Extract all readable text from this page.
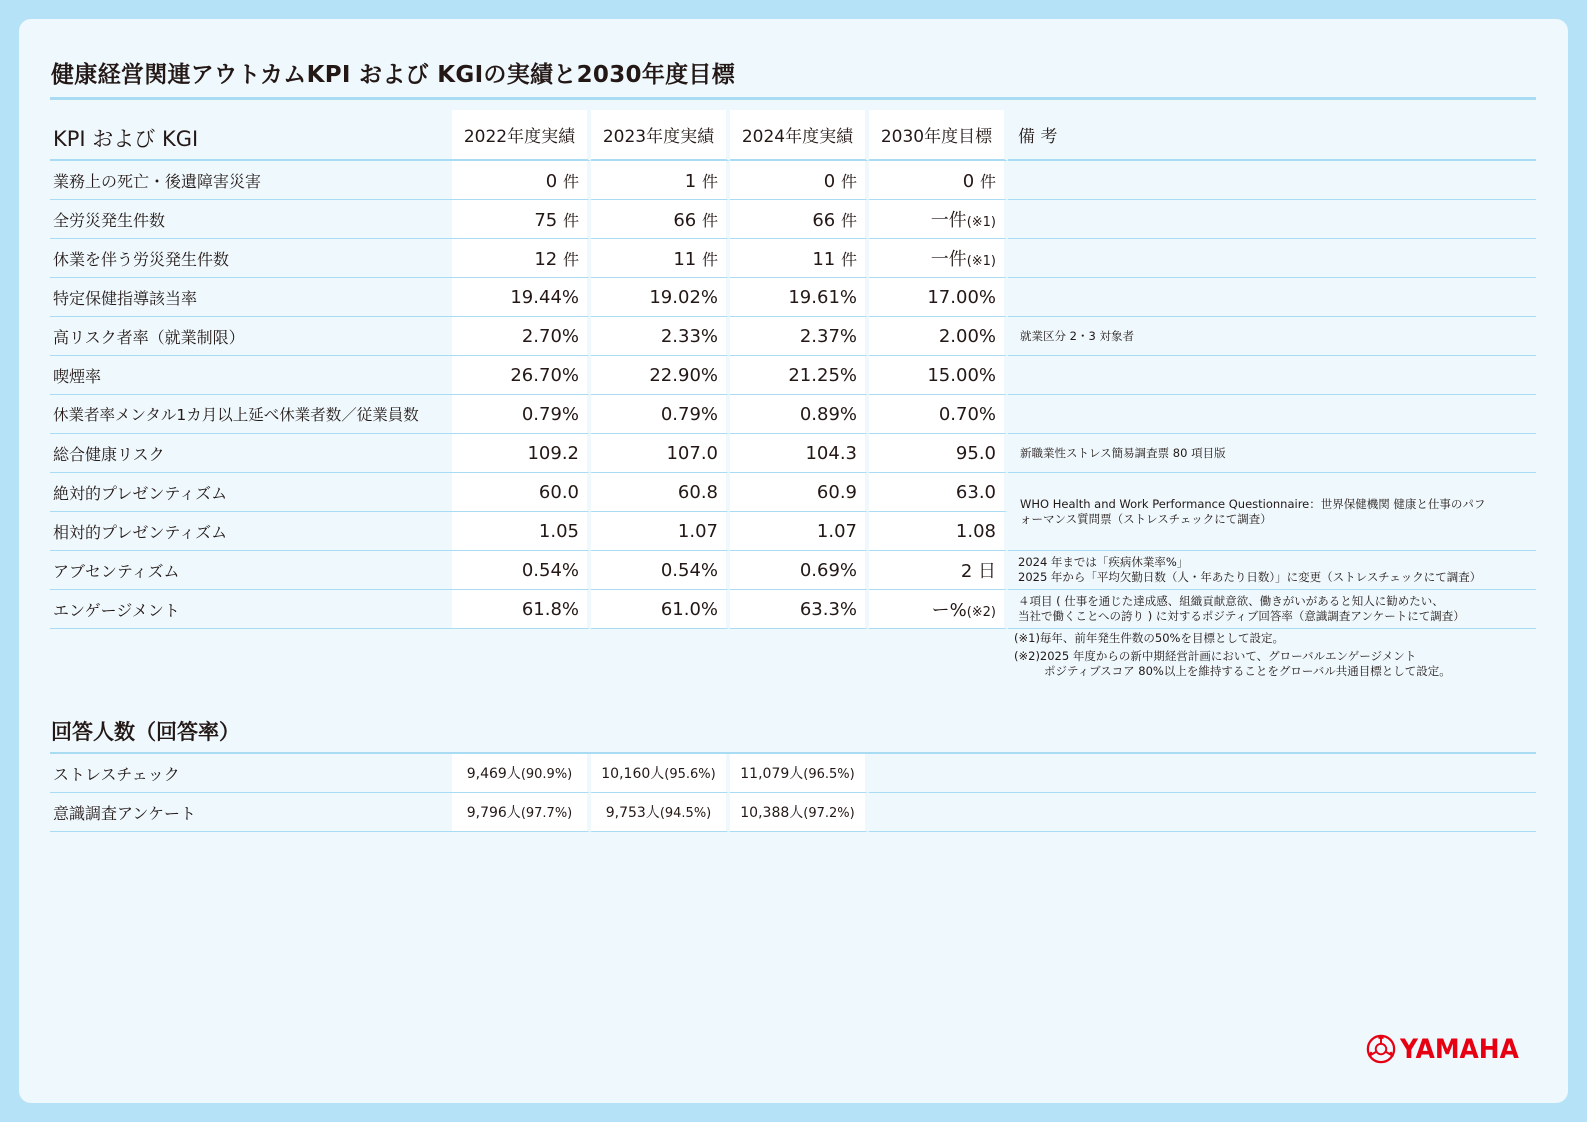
健康経営関連アウトカムKPI および KGIの実績と2030年度目標
KPI および KGI	2022年度実績	2023年度実績	2024年度実績	2030年度目標	備 考
業務上の死亡・後遺障害災害	0 件	1 件	0 件	0 件	
全労災発生件数	75 件	66 件	66 件	一件(※1)	
休業を伴う労災発生件数	12 件	11 件	11 件	一件(※1)	
特定保健指導該当率	19.44%	19.02%	19.61%	17.00%	
高リスク者率（就業制限）	2.70%	2.33%	2.37%	2.00%	就業区分 2・3 対象者
喫煙率	26.70%	22.90%	21.25%	15.00%	
休業者率メンタル1カ月以上延べ休業者数／従業員数	0.79%	0.79%	0.89%	0.70%	
総合健康リスク	109.2	107.0	104.3	95.0	新職業性ストレス簡易調査票 80 項目版
絶対的プレゼンティズム	60.0	60.8	60.9	63.0	WHO Health and Work Performance Questionnaire：世界保健機関 健康と仕事のパフォーマンス質問票（ストレスチェックにて調査）
相対的プレゼンティズム	1.05	1.07	1.07	1.08	
アブセンティズム	0.54%	0.54%	0.69%	2 日	2024 年までは「疾病休業率%」
2025 年から「平均欠勤日数（人・年あたり日数）」に変更（ストレスチェックにて調査）

エンゲージメント	61.8%	61.0%	63.3%	ー%(※2)	４項目 ( 仕事を通じた達成感、組織貢献意欲、働きがいがあると知人に勧めたい、
当社で働くことへの誇り ) に対するポジティブ回答率（意識調査アンケートにて調査）
(※1)毎年、前年発生件数の50%を目標として設定。
(※2)2025 年度からの新中期経営計画において、グローバルエンゲージメント
ポジティブスコア 80%以上を維持することをグローバル共通目標として設定。
回答人数（回答率）
ストレスチェック	9,469人(90.9%)	10,160人(95.6%)	11,079人(96.5%)	
意識調査アンケート	9,796人(97.7%)	9,753人(94.5%)	10,388人(97.2%)	
YAMAHA
